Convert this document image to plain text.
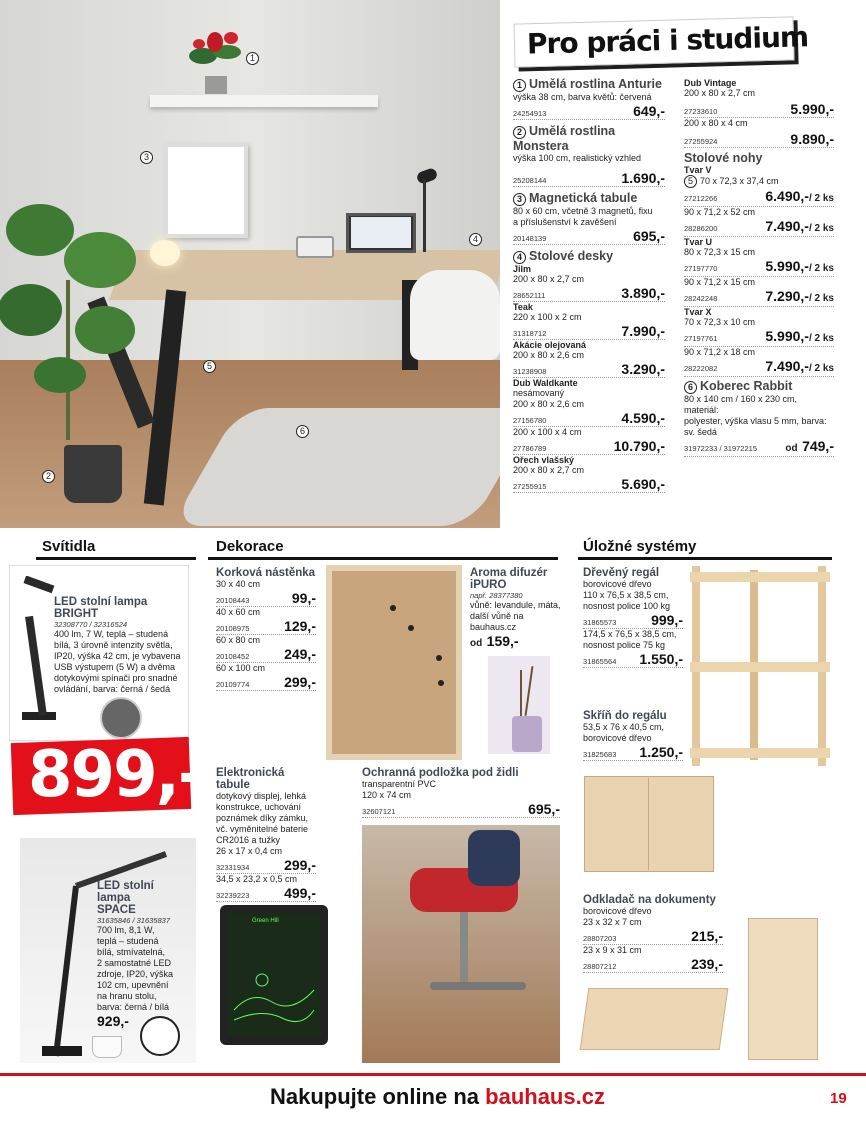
1
2
3
4
5
6
Pro práci i studium
1 Umělá rostlina Anturie
výška 38 cm, barva květů: červená
24254913	649,-
2 Umělá rostlina Monstera
výška 100 cm, realistický vzhled
25208144	1.690,-
3 Magnetická tabule
80 x 60 cm, včetně 3 magnetů, fixu
a příslušenství k zavěšení
20148139	695,-
4 Stolové desky
Jilm
200 x 80 x 2,7 cm
28652111	3.890,-
Teak
220 x 100 x 2 cm
31318712	7.990,-
Akácie olejovaná
200 x 80 x 2,6 cm
31238908	3.290,-
Dub Waldkante
nesámovaný
200 x 80 x 2,6 cm
27156780	4.590,-
200 x 100 x 4 cm
27786789	10.790,-
Ořech vlašský
200 x 80 x 2,7 cm
27255915	5.690,-
Dub Vintage
200 x 80 x 2,7 cm
27233610	5.990,-
200 x 80 x 4 cm
27255924	9.890,-
Stolové nohy
Tvar V
5 70 x 72,3 x 37,4 cm
27212266	6.490,-/ 2 ks
90 x 71,2 x 52 cm
28286200	7.490,-/ 2 ks
Tvar U
80 x 72,3 x 15 cm
27197770	5.990,-/ 2 ks
90 x 71,2 x 15 cm
28242248	7.290,-/ 2 ks
Tvar X
70 x 72,3 x 10 cm
27197761	5.990,-/ 2 ks
90 x 71,2 x 18 cm
28222082	7.490,-/ 2 ks
6 Koberec Rabbit
80 x 140 cm / 160 x 230 cm, materiál:
polyester, výška vlasu 5 mm, barva:
sv. šedá
31972233 / 31972215	od 749,-
Svítidla	Dekorace	Úložné systémy
LED stolní lampa BRIGHT
32308770 / 32316524
400 lm, 7 W, teplá – studená
bílá, 3 úrovně intenzity světla,
IP20, výška 42 cm, je vybavena
USB výstupem (5 W) a dvěma
dotykovými spínači pro snadné
ovládání, barva: černá / šedá
899,-
LED stolní lampa
SPACE
31635846 / 31635837
700 lm, 8,1 W,
teplá – studená
bílá, stmívatelná,
2 samostatné LED
zdroje, IP20, výška
102 cm, upevnění
na hranu stolu,
barva: černá / bílá
929,-
Korková nástěnka
30 x 40 cm
20108443	99,-
40 x 60 cm
20108975 129,-
60 x 80 cm
20108452 249,-
60 x 100 cm
20109774 299,-
Aroma difuzér
iPURO
např. 28377380
vůně: levandule, máta,
další vůně na bauhaus.cz
od 159,-
Elektronická tabule
dotykový displej, lehká
konstrukce, uchování
poznámek díky zámku,
vč. vyměnitelné baterie
CR2016 a tužky
26 x 17 x 0,4 cm
32331934 299,-
34,5 x 23,2 x 0,5 cm
32239223 499,-
Green Hill
Ochranná podložka pod židli
transparentní PVC
120 x 74 cm
32607121	695,-
Dřevěný regál
borovicové dřevo
110 x 76,5 x 38,5 cm,
nosnost police 100 kg
31865573 999,-
174,5 x 76,5 x 38,5 cm,
nosnost police 75 kg
31865564 1.550,-
Skříň do regálu
53,5 x 76 x 40,5 cm,
borovicové dřevo
31825683 1.250,-
Odkladač na dokumenty
borovicové dřevo
23 x 32 x 7 cm
28807203	215,-
23 x 9 x 31 cm
28807212	239,-
Nakupujte online na bauhaus.cz	19
